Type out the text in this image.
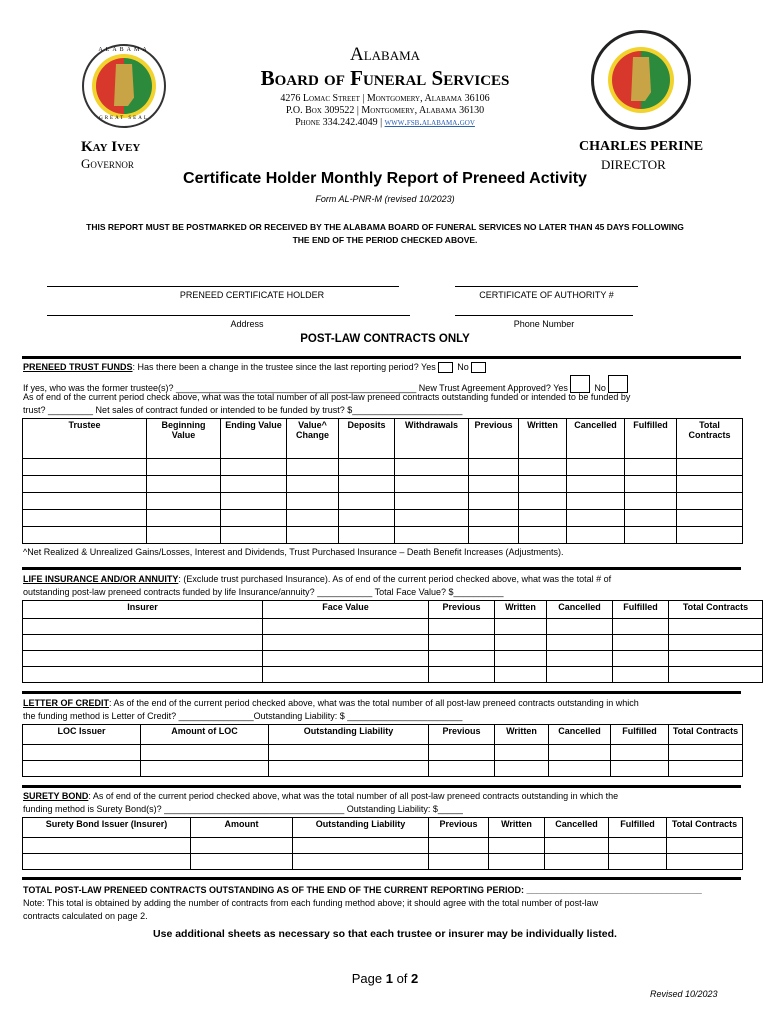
ALABAMA
GREAT SEAL
Alabama
Board of Funeral Services
4276 Lomac Street | Montgomery, Alabama 36106
P.O. Box 309522 | Montgomery, Alabama 36130
Phone 334.242.4049 | www.fsb.alabama.gov
Kay Ivey
Governor
CHARLES PERINE
DIRECTOR
Certificate Holder Monthly Report of Preneed Activity
Form AL-PNR-M (revised 10/2023)
THIS REPORT MUST BE POSTMARKED OR RECEIVED BY THE ALABAMA BOARD OF FUNERAL SERVICES NO LATER THAN 45 DAYS FOLLOWING
THE END OF THE PERIOD CHECKED ABOVE.
PRENEED CERTIFICATE HOLDER	CERTIFICATE OF AUTHORITY #
Address	Phone Number
POST-LAW CONTRACTS ONLY
PRENEED TRUST FUNDS: Has there been a change in the trustee since the last reporting period? Yes No
If yes, who was the former trustee(s)? ________________________________________________ New Trust Agreement Approved? Yes	No
As of end of the current period check above, what was the total number of all post-law preneed contracts outstanding funded or intended to be funded by
trust? _________ Net sales of contract funded or intended to be funded by trust? $______________________
Trustee	Beginning Value	Ending Value	Value^ Change	Deposits	Withdrawals	Previous	Written	Cancelled	Fulfilled	Total Contracts

^Net Realized & Unrealized Gains/Losses, Interest and Dividends, Trust Purchased Insurance – Death Benefit Increases (Adjustments).
LIFE INSURANCE AND/OR ANNUITY: (Exclude trust purchased Insurance). As of end of the current period checked above, what was the total # of
outstanding post-law preneed contracts funded by life Insurance/annuity? ___________ Total Face Value? $__________
Insurer	Face Value	Previous	Written	Cancelled	Fulfilled	Total Contracts

LETTER OF CREDIT: As of the end of the current period checked above, what was the total number of all post-law preneed contracts outstanding in which
the funding method is Letter of Credit? _______________Outstanding Liability: $ _______________________
LOC Issuer	Amount of LOC	Outstanding Liability	Previous	Written	Cancelled	Fulfilled	Total Contracts

SURETY BOND: As of end of the current period checked above, what was the total number of all post-law preneed contracts outstanding in which the
funding method is Surety Bond(s)? ____________________________________ Outstanding Liability: $_____
Surety Bond Issuer (Insurer)	Amount	Outstanding Liability	Previous	Written	Cancelled	Fulfilled	Total Contracts

TOTAL POST-LAW PRENEED CONTRACTS OUTSTANDING AS OF THE END OF THE CURRENT REPORTING PERIOD: ___________________________________
Note: This total is obtained by adding the number of contracts from each funding method above; it should agree with the total number of post-law
contracts calculated on page 2.
Use additional sheets as necessary so that each trustee or insurer may be individually listed.
Page 1 of 2
Revised 10/2023
